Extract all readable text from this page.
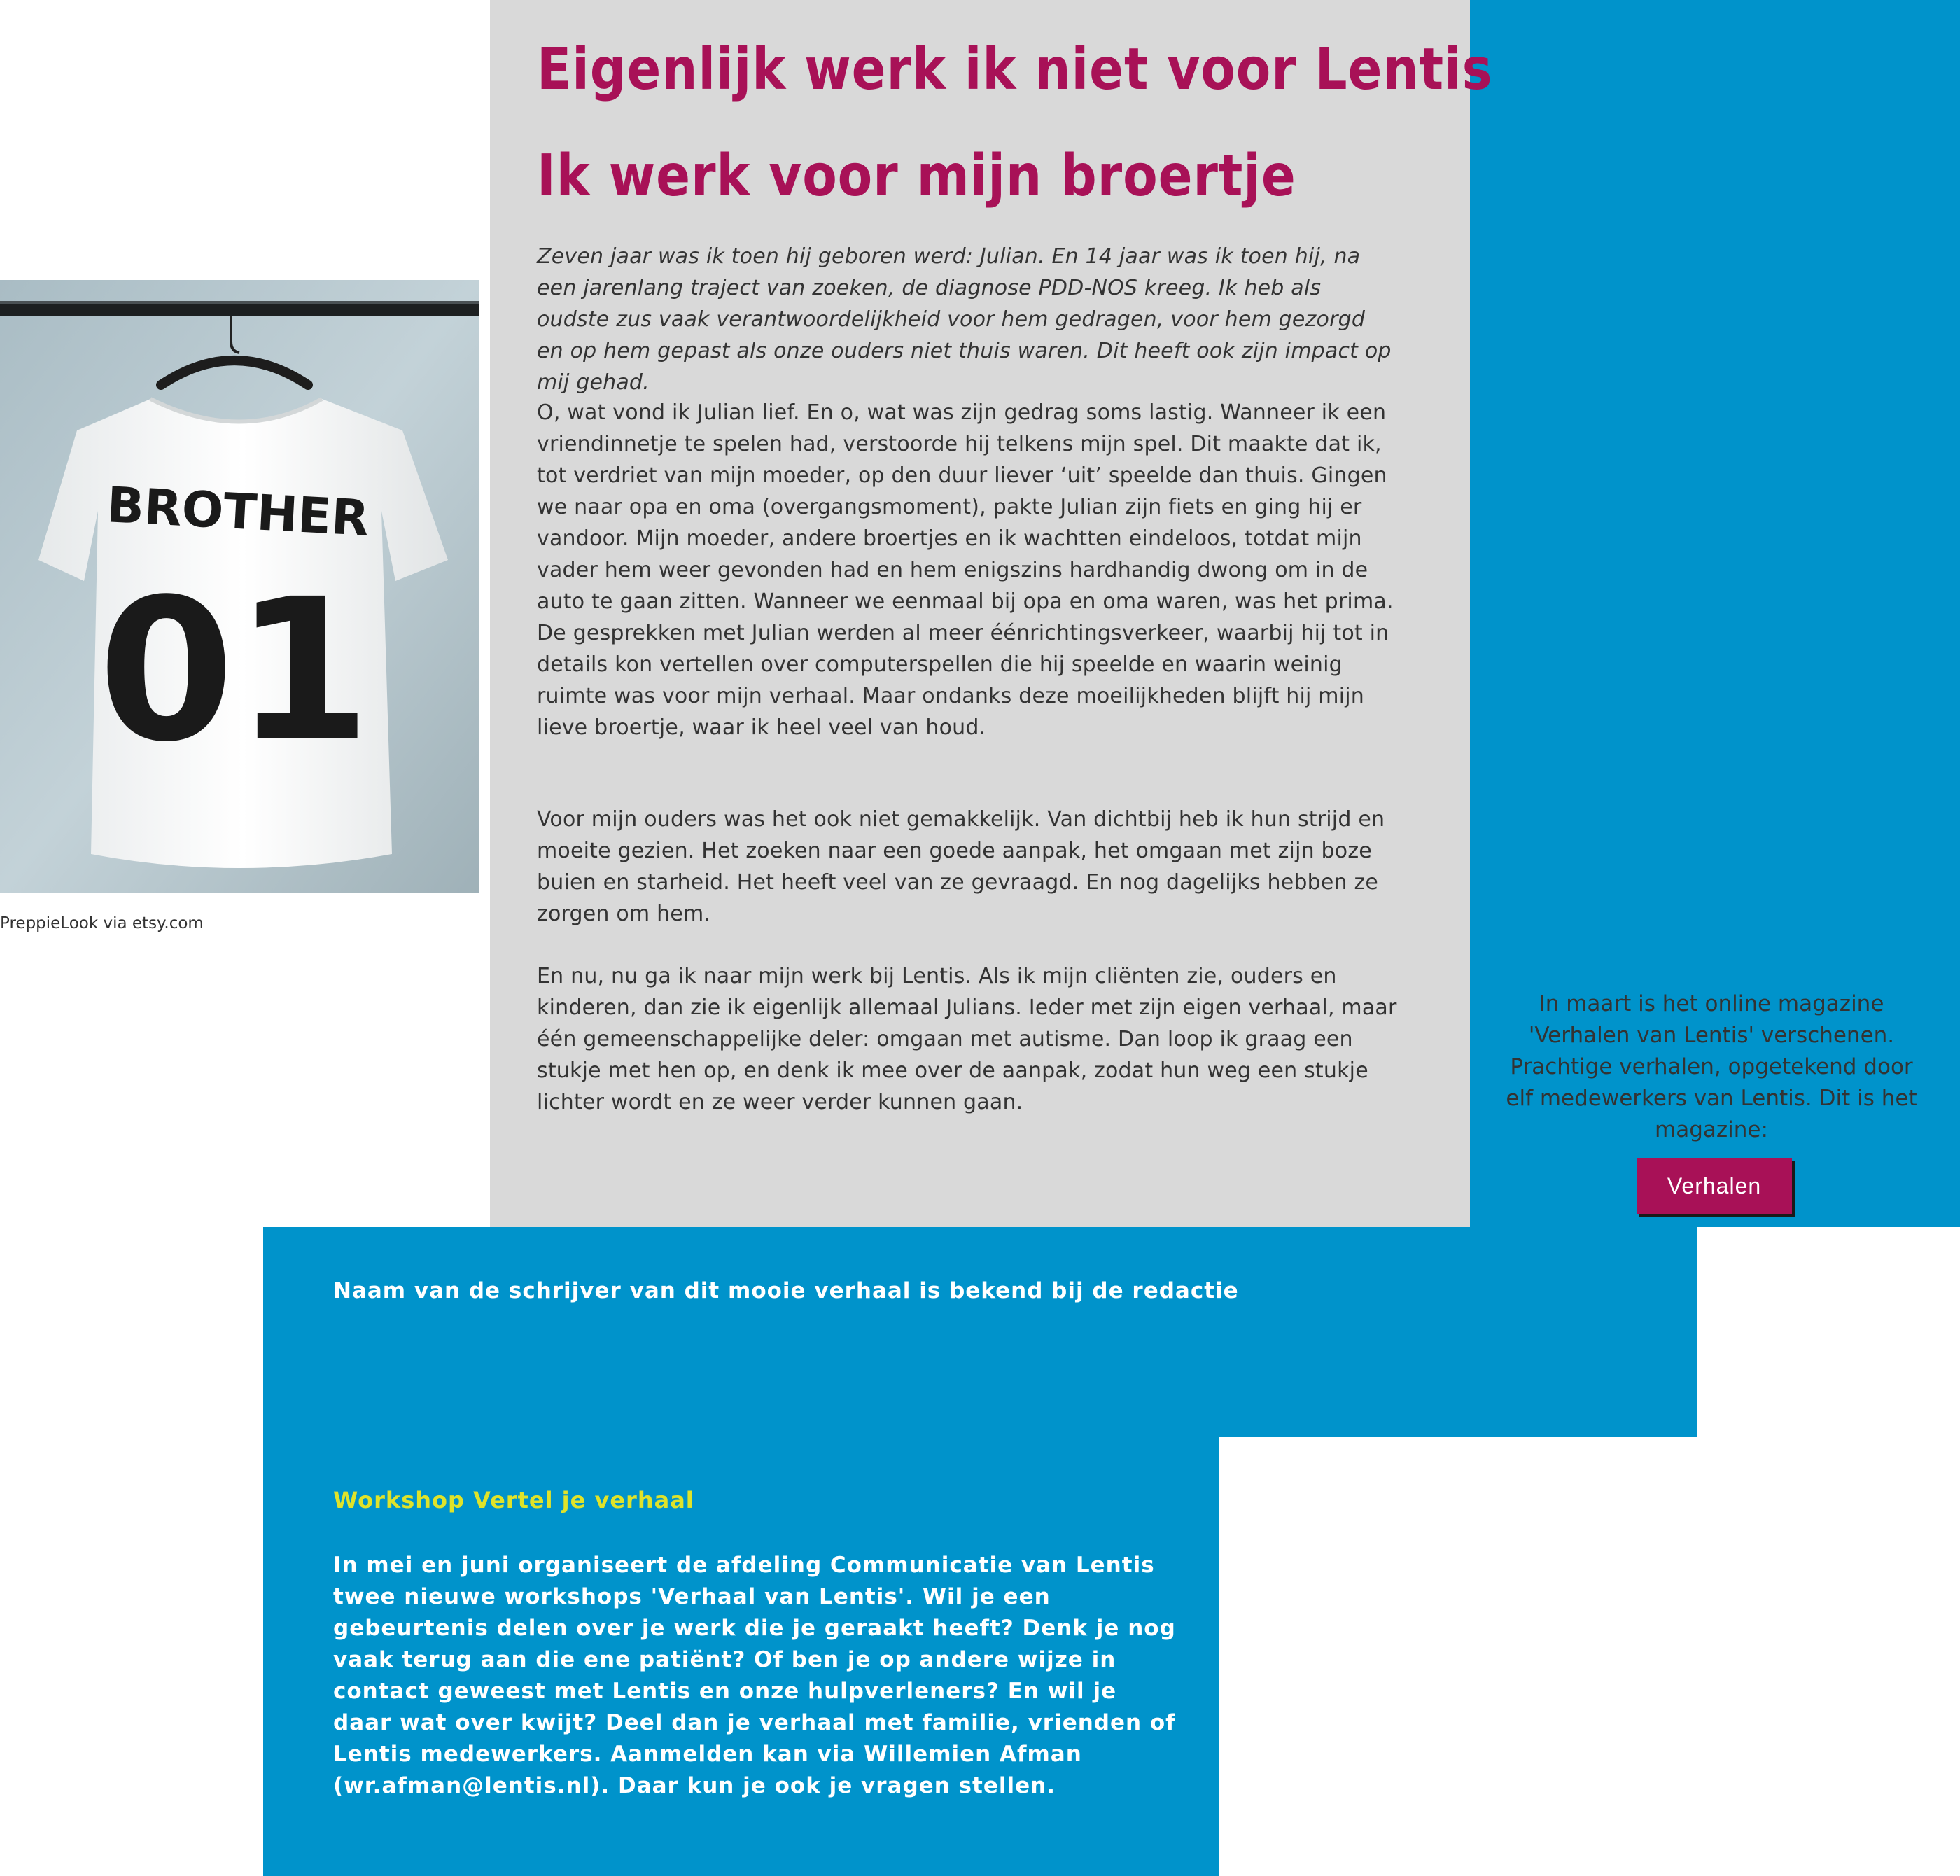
Eigenlijk werk ik niet voor Lentis
Ik werk voor mijn broertje

Zeven jaar was ik toen hij geboren werd: Julian. En 14 jaar was ik toen hij, na een jarenlang traject van zoeken, de diagnose PDD-NOS kreeg. Ik heb als oudste zus vaak verantwoordelijkheid voor hem gedragen, voor hem gezorgd en op hem gepast als onze ouders niet thuis waren. Dit heeft ook zijn impact op mij gehad.

O, wat vond ik Julian lief. En o, wat was zijn gedrag soms lastig. Wanneer ik een vriendinnetje te spelen had, verstoorde hij telkens mijn spel. Dit maakte dat ik, tot verdriet van mijn moeder, op den duur liever ‘uit’ speelde dan thuis. Gingen we naar opa en oma (overgangsmoment), pakte Julian zijn fiets en ging hij er vandoor. Mijn moeder, andere broertjes en ik wachtten eindeloos, totdat mijn vader hem weer gevonden had en hem enigszins hardhandig dwong om in de auto te gaan zitten. Wanneer we eenmaal bij opa en oma waren, was het prima. De gesprekken met Julian werden al meer éénrichtingsverkeer, waarbij hij tot in details kon vertellen over computerspellen die hij speelde en waarin weinig ruimte was voor mijn verhaal. Maar ondanks deze moeilijkheden blijft hij mijn lieve broertje, waar ik heel veel van houd.

Voor mijn ouders was het ook niet gemakkelijk. Van dichtbij heb ik hun strijd en moeite gezien. Het zoeken naar een goede aanpak, het omgaan met zijn boze buien en starheid. Het heeft veel van ze gevraagd. En nog dagelijks hebben ze zorgen om hem.

En nu, nu ga ik naar mijn werk bij Lentis. Als ik mijn cliënten zie, ouders en kinderen, dan zie ik eigenlijk allemaal Julians. Ieder met zijn eigen verhaal, maar één gemeenschappelijke deler: omgaan met autisme. Dan loop ik graag een stukje met hen op, en denk ik mee over de aanpak, zodat hun weg een stukje lichter wordt en ze weer verder kunnen gaan.

BROTHER
01

PreppieLook via etsy.com

In maart is het online magazine 'Verhalen van Lentis' verschenen. Prachtige verhalen, opgetekend door elf medewerkers van Lentis. Dit is het magazine:

Verhalen

Naam van de schrijver van dit mooie verhaal is bekend bij de redactie

Workshop Vertel je verhaal

In mei en juni organiseert de afdeling Communicatie van Lentis twee nieuwe workshops 'Verhaal van Lentis'. Wil je een gebeurtenis delen over je werk die je geraakt heeft? Denk je nog vaak terug aan die ene patiënt? Of ben je op andere wijze in contact geweest met Lentis en onze hulpverleners? En wil je daar wat over kwijt? Deel dan je verhaal met familie, vrienden of Lentis medewerkers. Aanmelden kan via Willemien Afman (wr.afman@lentis.nl). Daar kun je ook je vragen stellen.
